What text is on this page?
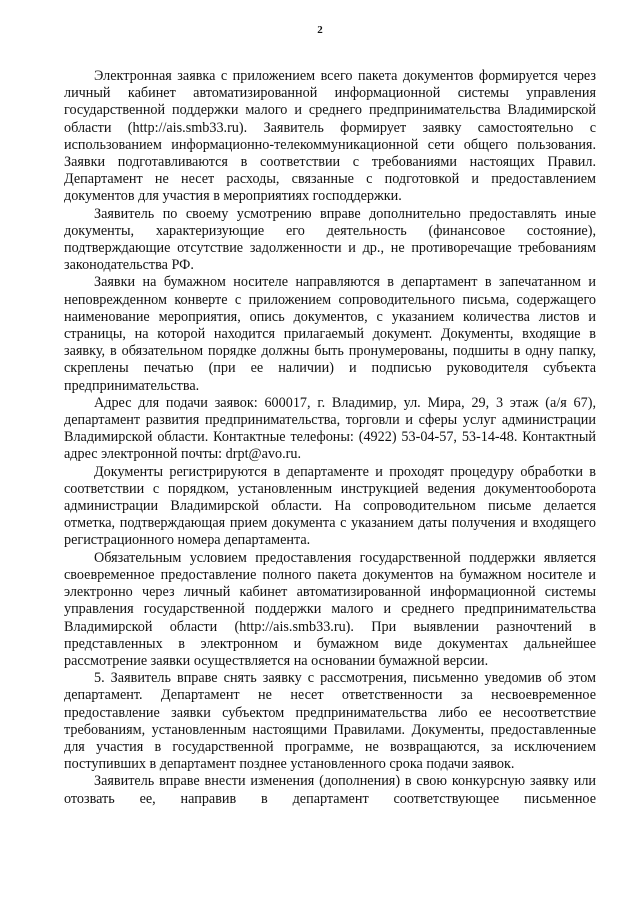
2

Электронная заявка с приложением всего пакета документов формируется через личный кабинет автоматизированной информационной системы управления государственной поддержки малого и среднего предпринимательства Владимирской области (http://ais.smb33.ru). Заявитель формирует заявку самостоятельно с использованием информационно-телекоммуникационной сети общего пользования. Заявки подготавливаются в соответствии с требованиями настоящих Правил. Департамент не несет расходы, связанные с подготовкой и предоставлением документов для участия в мероприятиях господдержки.

Заявитель по своему усмотрению вправе дополнительно предоставлять иные документы, характеризующие его деятельность (финансовое состояние), подтверждающие отсутствие задолженности и др., не противоречащие требованиям законодательства РФ.

Заявки на бумажном носителе направляются в департамент в запечатанном и неповрежденном конверте с приложением сопроводительного письма, содержащего наименование мероприятия, опись документов, с указанием количества листов и страницы, на которой находится прилагаемый документ. Документы, входящие в заявку, в обязательном порядке должны быть пронумерованы, подшиты в одну папку, скреплены печатью (при ее наличии) и подписью руководителя субъекта предпринимательства.

Адрес для подачи заявок: 600017, г. Владимир, ул. Мира, 29, 3 этаж (а/я 67), департамент развития предпринимательства, торговли и сферы услуг администрации Владимирской области. Контактные телефоны: (4922) 53-04-57, 53-14-48. Контактный адрес электронной почты: drpt@avo.ru.

Документы регистрируются в департаменте и проходят процедуру обработки в соответствии с порядком, установленным инструкцией ведения документооборота администрации Владимирской области. На сопроводительном письме делается отметка, подтверждающая прием документа с указанием даты получения и входящего регистрационного номера департамента.

Обязательным условием предоставления государственной поддержки является своевременное предоставление полного пакета документов на бумажном носителе и электронно через личный кабинет автоматизированной информационной системы управления государственной поддержки малого и среднего предпринимательства Владимирской области (http://ais.smb33.ru). При выявлении разночтений в представленных в электронном и бумажном виде документах дальнейшее рассмотрение заявки осуществляется на основании бумажной версии.

5. Заявитель вправе снять заявку с рассмотрения, письменно уведомив об этом департамент. Департамент не несет ответственности за несвоевременное предоставление заявки субъектом предпринимательства либо ее несоответствие требованиям, установленным настоящими Правилами. Документы, предоставленные для участия в государственной программе, не возвращаются, за исключением поступивших в департамент позднее установленного срока подачи заявок.

Заявитель вправе внести изменения (дополнения) в свою конкурсную заявку или отозвать ее, направив в департамент соответствующее письменное
